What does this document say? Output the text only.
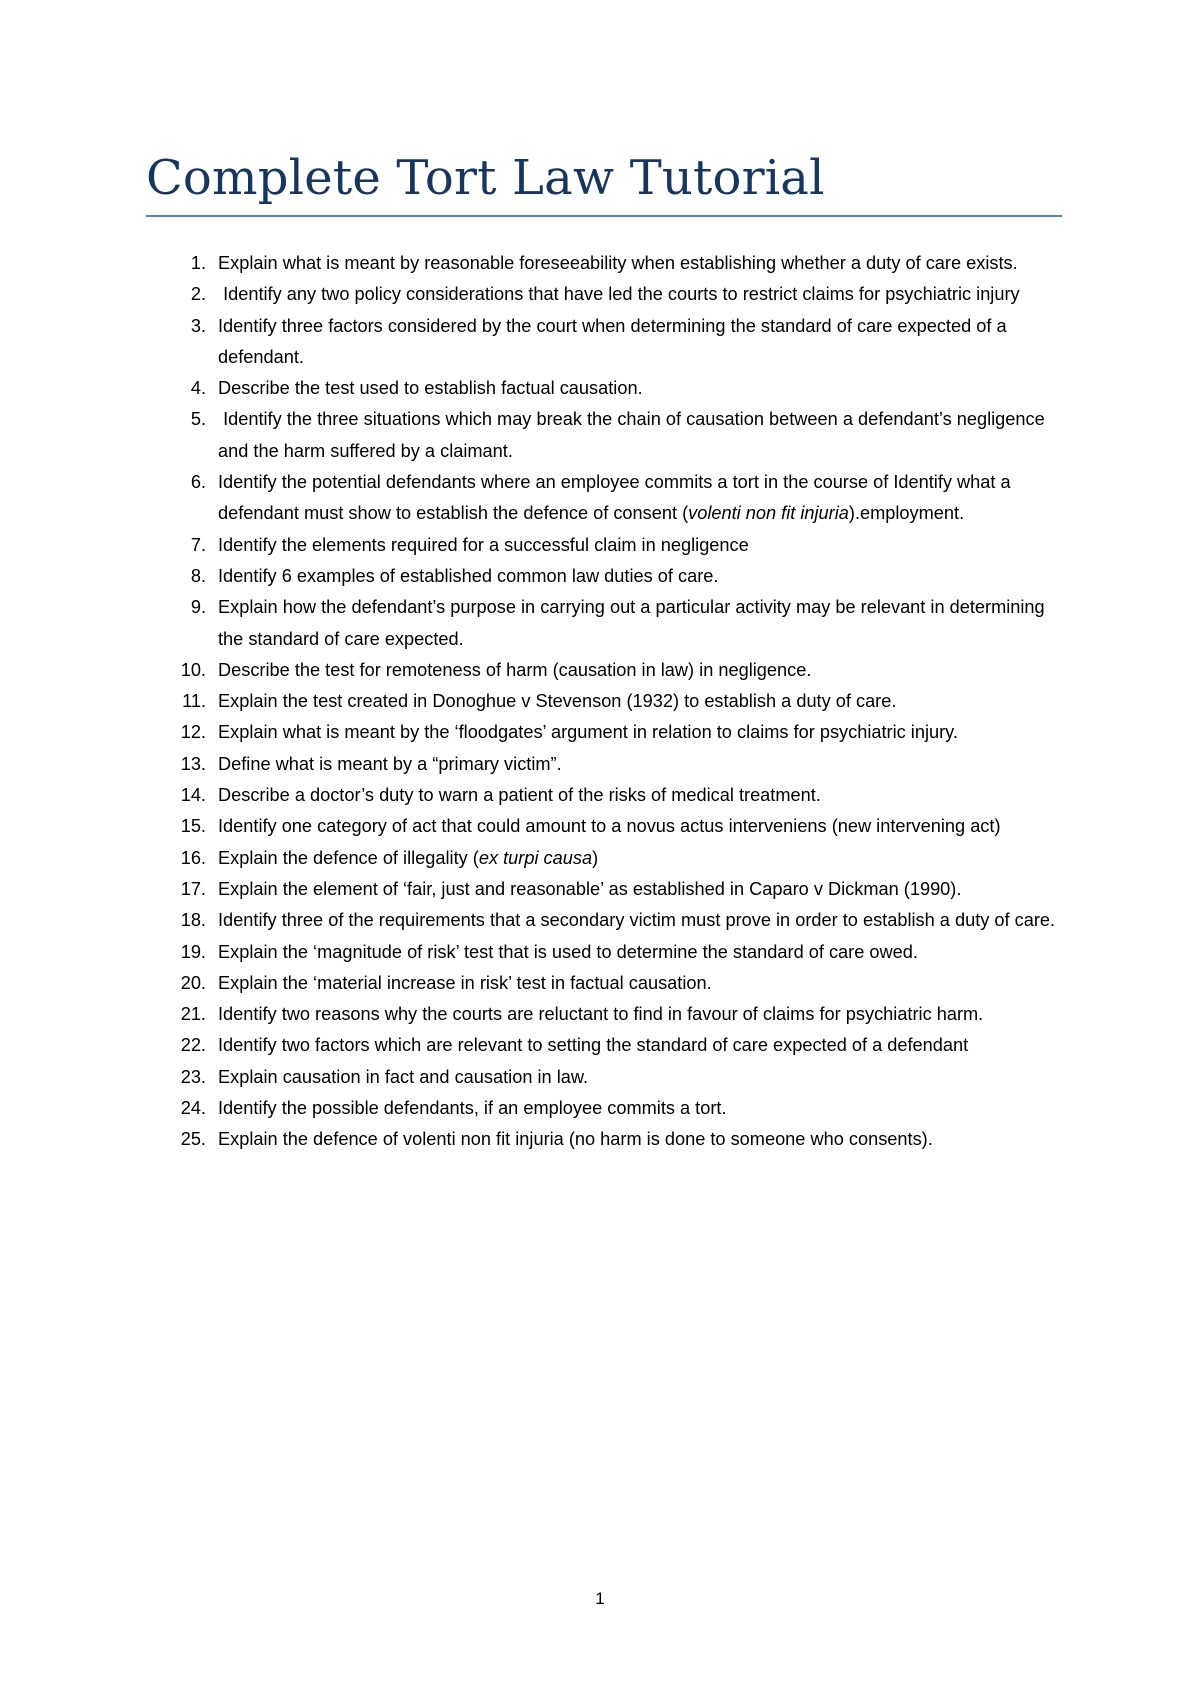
Complete Tort Law Tutorial
1. Explain what is meant by reasonable foreseeability when establishing whether a duty of care exists.
2. Identify any two policy considerations that have led the courts to restrict claims for psychiatric injury
3. Identify three factors considered by the court when determining the standard of care expected of a defendant.
4. Describe the test used to establish factual causation.
5. Identify the three situations which may break the chain of causation between a defendant’s negligence and the harm suffered by a claimant.
6. Identify the potential defendants where an employee commits a tort in the course of Identify what a defendant must show to establish the defence of consent (volenti non fit injuria).employment.
7. Identify the elements required for a successful claim in negligence
8. Identify 6 examples of established common law duties of care.
9. Explain how the defendant’s purpose in carrying out a particular activity may be relevant in determining the standard of care expected.
10. Describe the test for remoteness of harm (causation in law) in negligence.
11. Explain the test created in Donoghue v Stevenson (1932) to establish a duty of care.
12. Explain what is meant by the ‘floodgates’ argument in relation to claims for psychiatric injury.
13. Define what is meant by a “primary victim”.
14. Describe a doctor’s duty to warn a patient of the risks of medical treatment.
15. Identify one category of act that could amount to a novus actus interveniens (new intervening act)
16. Explain the defence of illegality (ex turpi causa)
17. Explain the element of ‘fair, just and reasonable’ as established in Caparo v Dickman (1990).
18. Identify three of the requirements that a secondary victim must prove in order to establish a duty of care.
19. Explain the ‘magnitude of risk’ test that is used to determine the standard of care owed.
20. Explain the ‘material increase in risk’ test in factual causation.
21. Identify two reasons why the courts are reluctant to find in favour of claims for psychiatric harm.
22. Identify two factors which are relevant to setting the standard of care expected of a defendant
23. Explain causation in fact and causation in law.
24. Identify the possible defendants, if an employee commits a tort.
25. Explain the defence of volenti non fit injuria (no harm is done to someone who consents).
1
